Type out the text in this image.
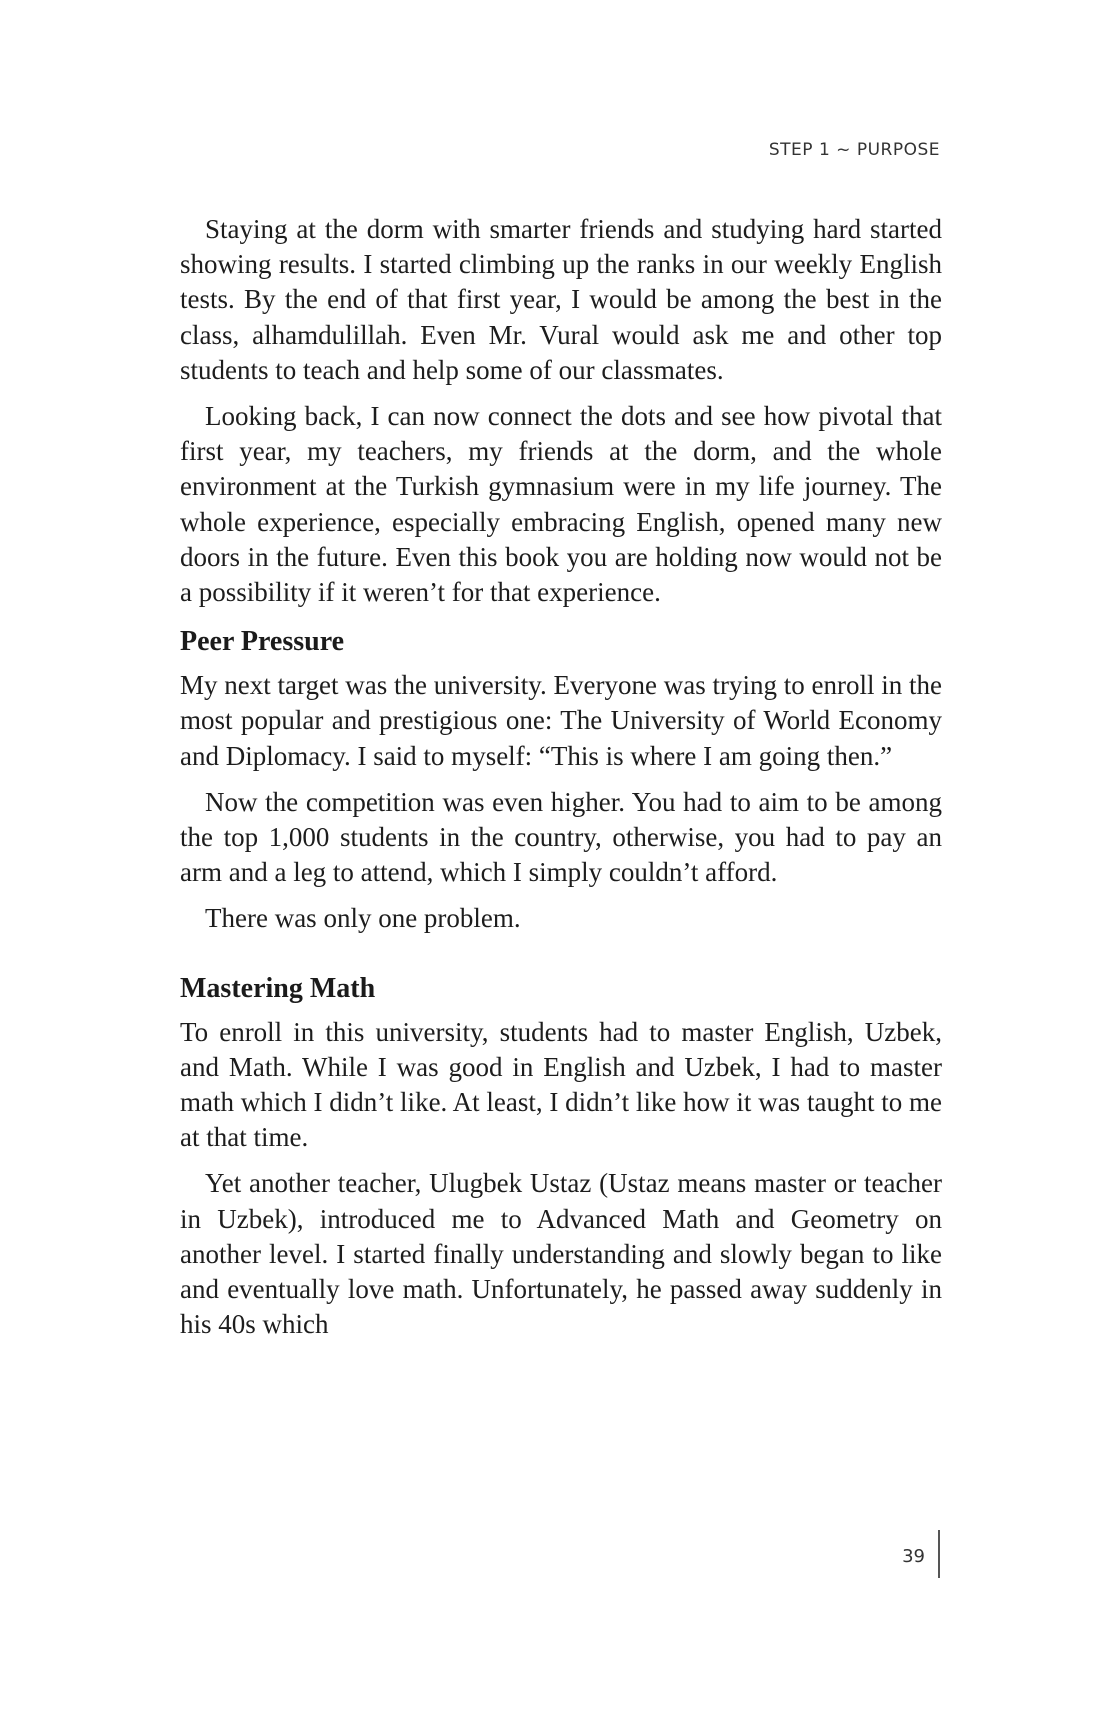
STEP 1 ~ PURPOSE

Staying at the dorm with smarter friends and studying hard started showing results. I started climbing up the ranks in our weekly English tests. By the end of that first year, I would be among the best in the class, alhamdulillah. Even Mr. Vural would ask me and other top students to teach and help some of our classmates.

Looking back, I can now connect the dots and see how pivotal that first year, my teachers, my friends at the dorm, and the whole environment at the Turkish gymnasium were in my life journey. The whole experience, especially embracing English, opened many new doors in the future. Even this book you are holding now would not be a possibility if it weren’t for that experience.

Peer Pressure

My next target was the university. Everyone was trying to enroll in the most popular and prestigious one: The University of World Economy and Diplomacy. I said to myself: “This is where I am going then.”

Now the competition was even higher. You had to aim to be among the top 1,000 students in the country, otherwise, you had to pay an arm and a leg to attend, which I simply couldn’t afford.

There was only one problem.

Mastering Math

To enroll in this university, students had to master English, Uzbek, and Math. While I was good in English and Uzbek, I had to master math which I didn’t like. At least, I didn’t like how it was taught to me at that time.

Yet another teacher, Ulugbek Ustaz (Ustaz means master or teacher in Uzbek), introduced me to Advanced Math and Geometry on another level. I started finally understanding and slowly began to like and eventually love math. Unfortunately, he passed away suddenly in his 40s which

39
